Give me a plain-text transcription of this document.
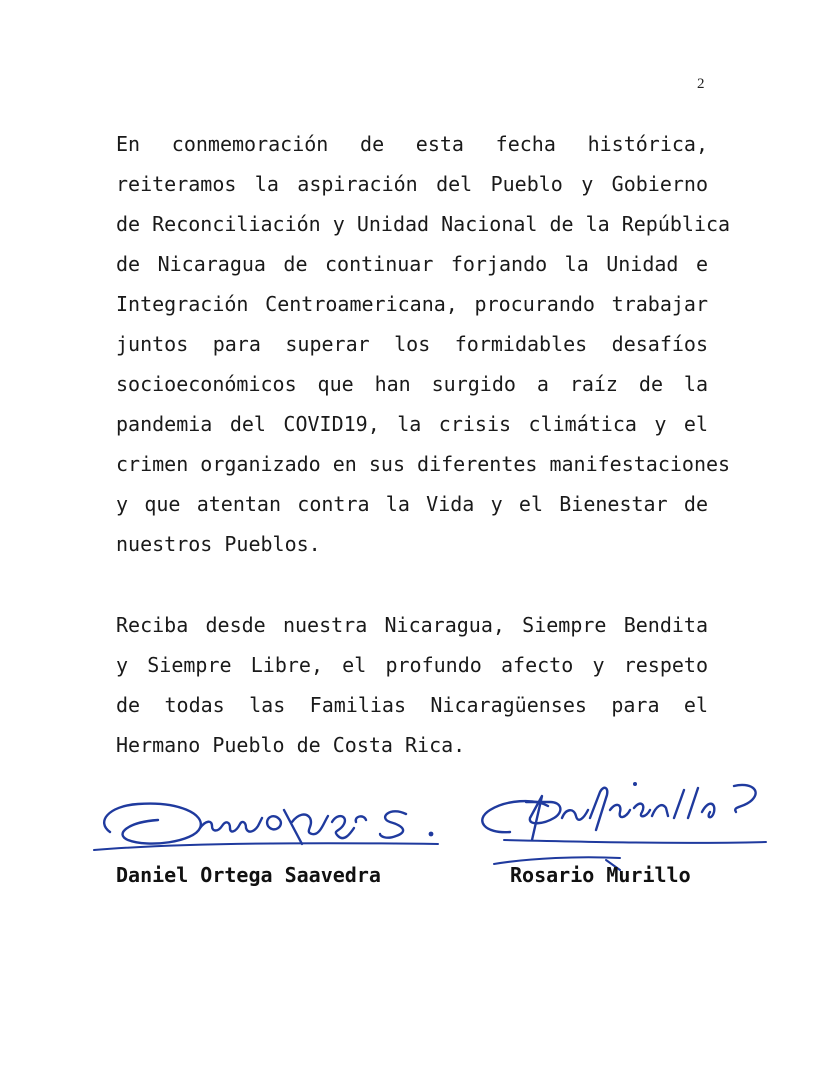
2
En conmemoración de esta fecha histórica,
reiteramos la aspiración del Pueblo y Gobierno
de Reconciliación y Unidad Nacional de la República
de Nicaragua de continuar forjando la Unidad e
Integración Centroamericana, procurando trabajar
juntos para superar los formidables desafíos
socioeconómicos que han surgido a raíz de la
pandemia del COVID19, la crisis climática y el
crimen organizado en sus diferentes manifestaciones
y que atentan contra la Vida y el Bienestar de
nuestros Pueblos.
Reciba desde nuestra Nicaragua, Siempre Bendita
y Siempre Libre, el profundo afecto y respeto
de todas las Familias Nicaragüenses para el
Hermano Pueblo de Costa Rica.
Daniel Ortega Saavedra	Rosario Murillo
